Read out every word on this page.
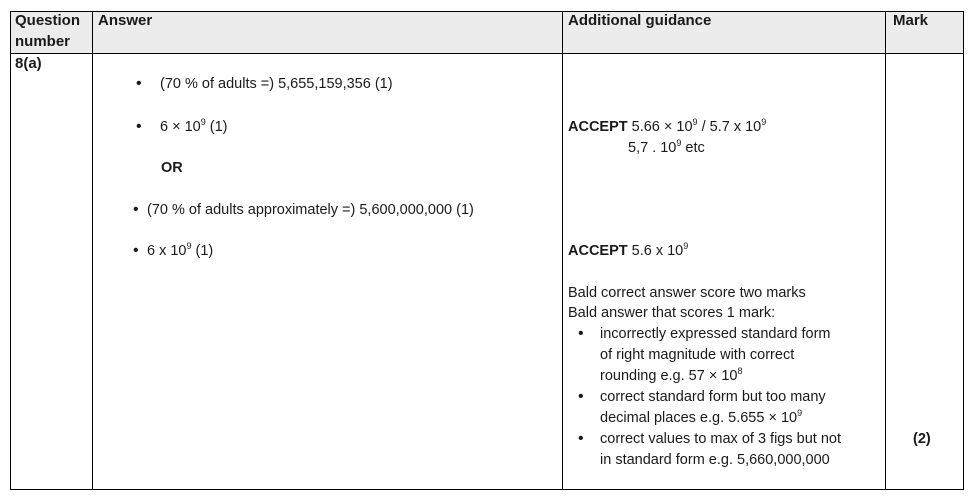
Question
number
Answer	Additional guidance	Mark
8(a)
• (70 % of adults =) 5,655,159,356 (1)
• $6 \times 10^9$ (1)
OR
• (70 % of adults approximately =) 5,600,000,000 (1)
• 6 x $10^9$ (1)
ACCEPT $5.66 \times 10^9 / 5.7$ x $10^9$
5,7 . $10^9$ etc
ACCEPT 5.6 x $10^9$
Bald correct answer score two marks
Bald answer that scores 1 mark:
• incorrectly expressed standard form
of right magnitude with correct
rounding e.g. $57 \times 10^8$
• correct standard form but too many
decimal places e.g. $5.655 \times 10^9$
• correct values to max of 3 figs but not
in standard form e.g. 5,660,000,000
(2)
